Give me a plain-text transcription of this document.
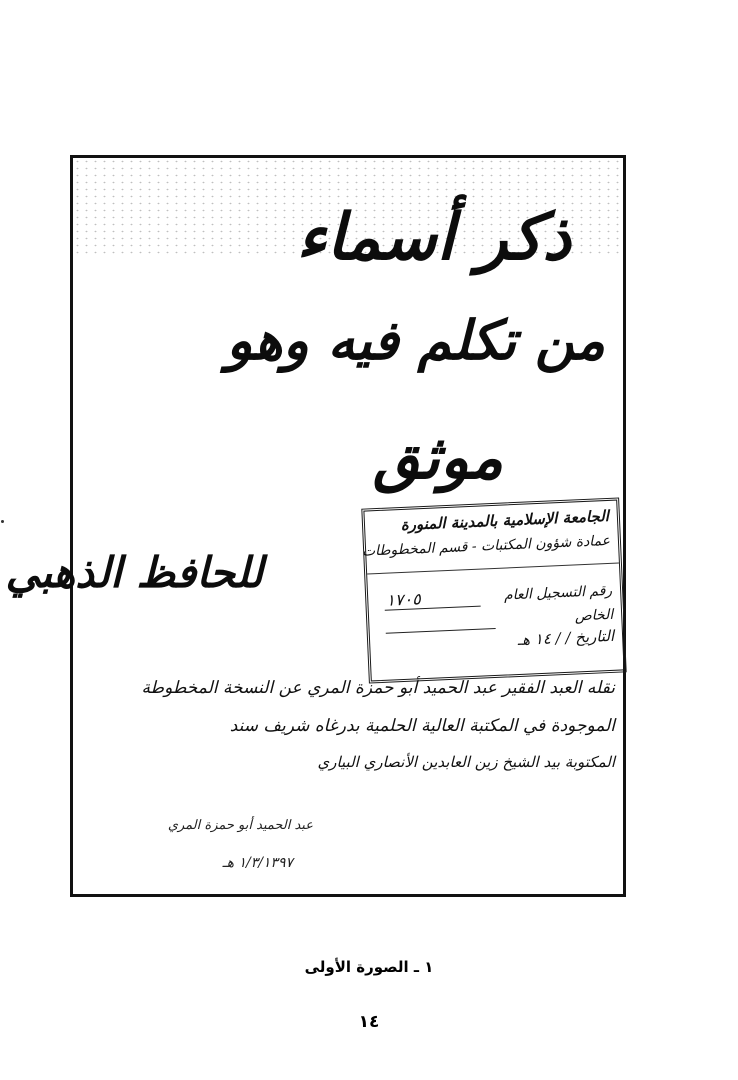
ذكر أسماء
من تكلم فيه وهو
موثق
للحافظ الذهبي
الجامعة الإسلامية بالمدينة المنورة
عمادة شؤون المكتبات - قسم المخطوطات
رقم التسجيل العام
١٧٠٥
الخاص
التاريخ / / ١٤ هـ
نقله العبد الفقير عبد الحميد أبو حمزة المري عن النسخة المخطوطة
الموجودة في المكتبة العالية الحلمية بدرغاه شريف سند
المكتوبة بيد الشيخ زين العابدين الأنصاري البياري
عبد الحميد أبو حمزة المري
١/٣/١٣٩٧ هـ
١ ـ الصورة الأولى
١٤
